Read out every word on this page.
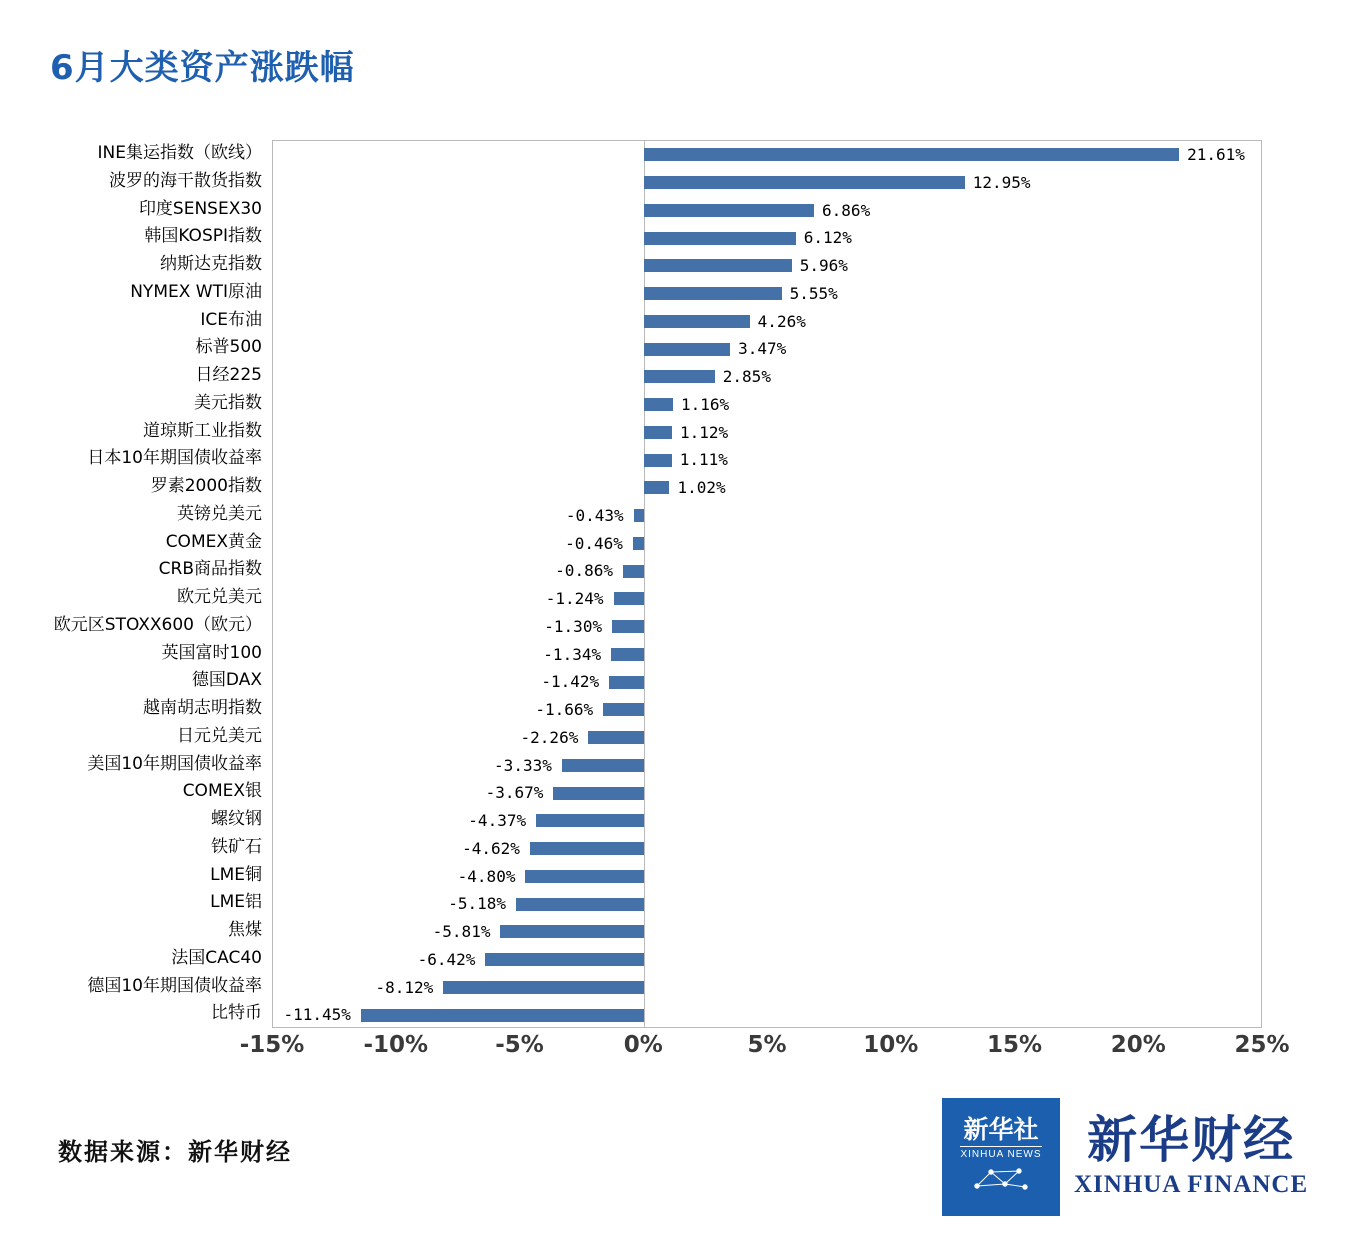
6月大类资产涨跌幅
21.61%
12.95%
6.86%
6.12%
5.96%
5.55%
4.26%
3.47%
2.85%
1.16%
1.12%
1.11%
1.02%
-0.43%
-0.46%
-0.86%
-1.24%
-1.30%
-1.34%
-1.42%
-1.66%
-2.26%
-3.33%
-3.67%
-4.37%
-4.62%
-4.80%
-5.18%
-5.81%
-6.42%
-8.12%
-11.45%
INE集运指数（欧线）
波罗的海干散货指数
印度SENSEX30
韩国KOSPI指数
纳斯达克指数
NYMEX WTI原油
ICE布油
标普500
日经225
美元指数
道琼斯工业指数
日本10年期国债收益率
罗素2000指数
英镑兑美元
COMEX黄金
CRB商品指数
欧元兑美元
欧元区STOXX600（欧元）
英国富时100
德国DAX
越南胡志明指数
日元兑美元
美国10年期国债收益率
COMEX银
螺纹钢
铁矿石
LME铜
LME铝
焦煤
法国CAC40
德国10年期国债收益率
比特币
-15%	-10%	-5%	0%	5%	10%	15%	20%	25%
数据来源：新华财经
新华社
XINHUA NEWS 新华财经
XINHUA FINANCE
